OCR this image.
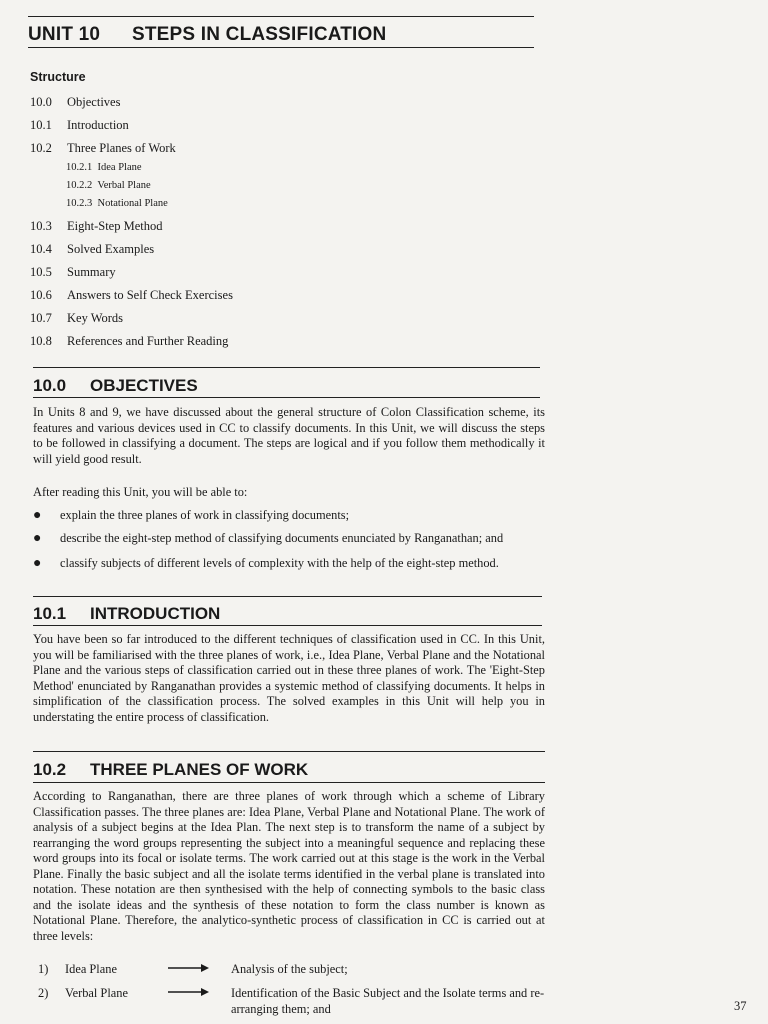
UNIT 10 STEPS IN CLASSIFICATION
Structure
10.0 Objectives
10.1 Introduction
10.2 Three Planes of Work
10.2.1 Idea Plane
10.2.2 Verbal Plane
10.2.3 Notational Plane
10.3 Eight-Step Method
10.4 Solved Examples
10.5 Summary
10.6 Answers to Self Check Exercises
10.7 Key Words
10.8 References and Further Reading
10.0 OBJECTIVES
In Units 8 and 9, we have discussed about the general structure of Colon Classification scheme, its features and various devices used in CC to classify documents. In this Unit, we will discuss the steps to be followed in classifying a document. The steps are logical and if you follow them methodically it will yield good result.
After reading this Unit, you will be able to:
● explain the three planes of work in classifying documents;
● describe the eight-step method of classifying documents enunciated by Ranganathan; and
● classify subjects of different levels of complexity with the help of the eight-step method.
10.1 INTRODUCTION
You have been so far introduced to the different techniques of classification used in CC. In this Unit, you will be familiarised with the three planes of work, i.e., Idea Plane, Verbal Plane and the Notational Plane and the various steps of classification carried out in these three planes of work. The 'Eight-Step Method' enunciated by Ranganathan provides a systemic method of classifying documents. It helps in simplification of the classification process. The solved examples in this Unit will help you in understating the entire process of classification.
10.2 THREE PLANES OF WORK
According to Ranganathan, there are three planes of work through which a scheme of Library Classification passes. The three planes are: Idea Plane, Verbal Plane and Notational Plane. The work of analysis of a subject begins at the Idea Plan. The next step is to transform the name of a subject by rearranging the word groups representing the subject into a meaningful sequence and replacing these word groups into its focal or isolate terms. The work carried out at this stage is the work in the Verbal Plane. Finally the basic subject and all the isolate terms identified in the verbal plane is translated into notation. These notation are then synthesised with the help of connecting symbols to the basic class and the isolate ideas and the synthesis of these notation to form the class number is known as Notational Plane. Therefore, the analytico-synthetic process of classification in CC is carried out at three levels:
1) Idea Plane	Analysis of the subject;
2) Verbal Plane	Identification of the Basic Subject and the Isolate terms and re-arranging them; and	37
